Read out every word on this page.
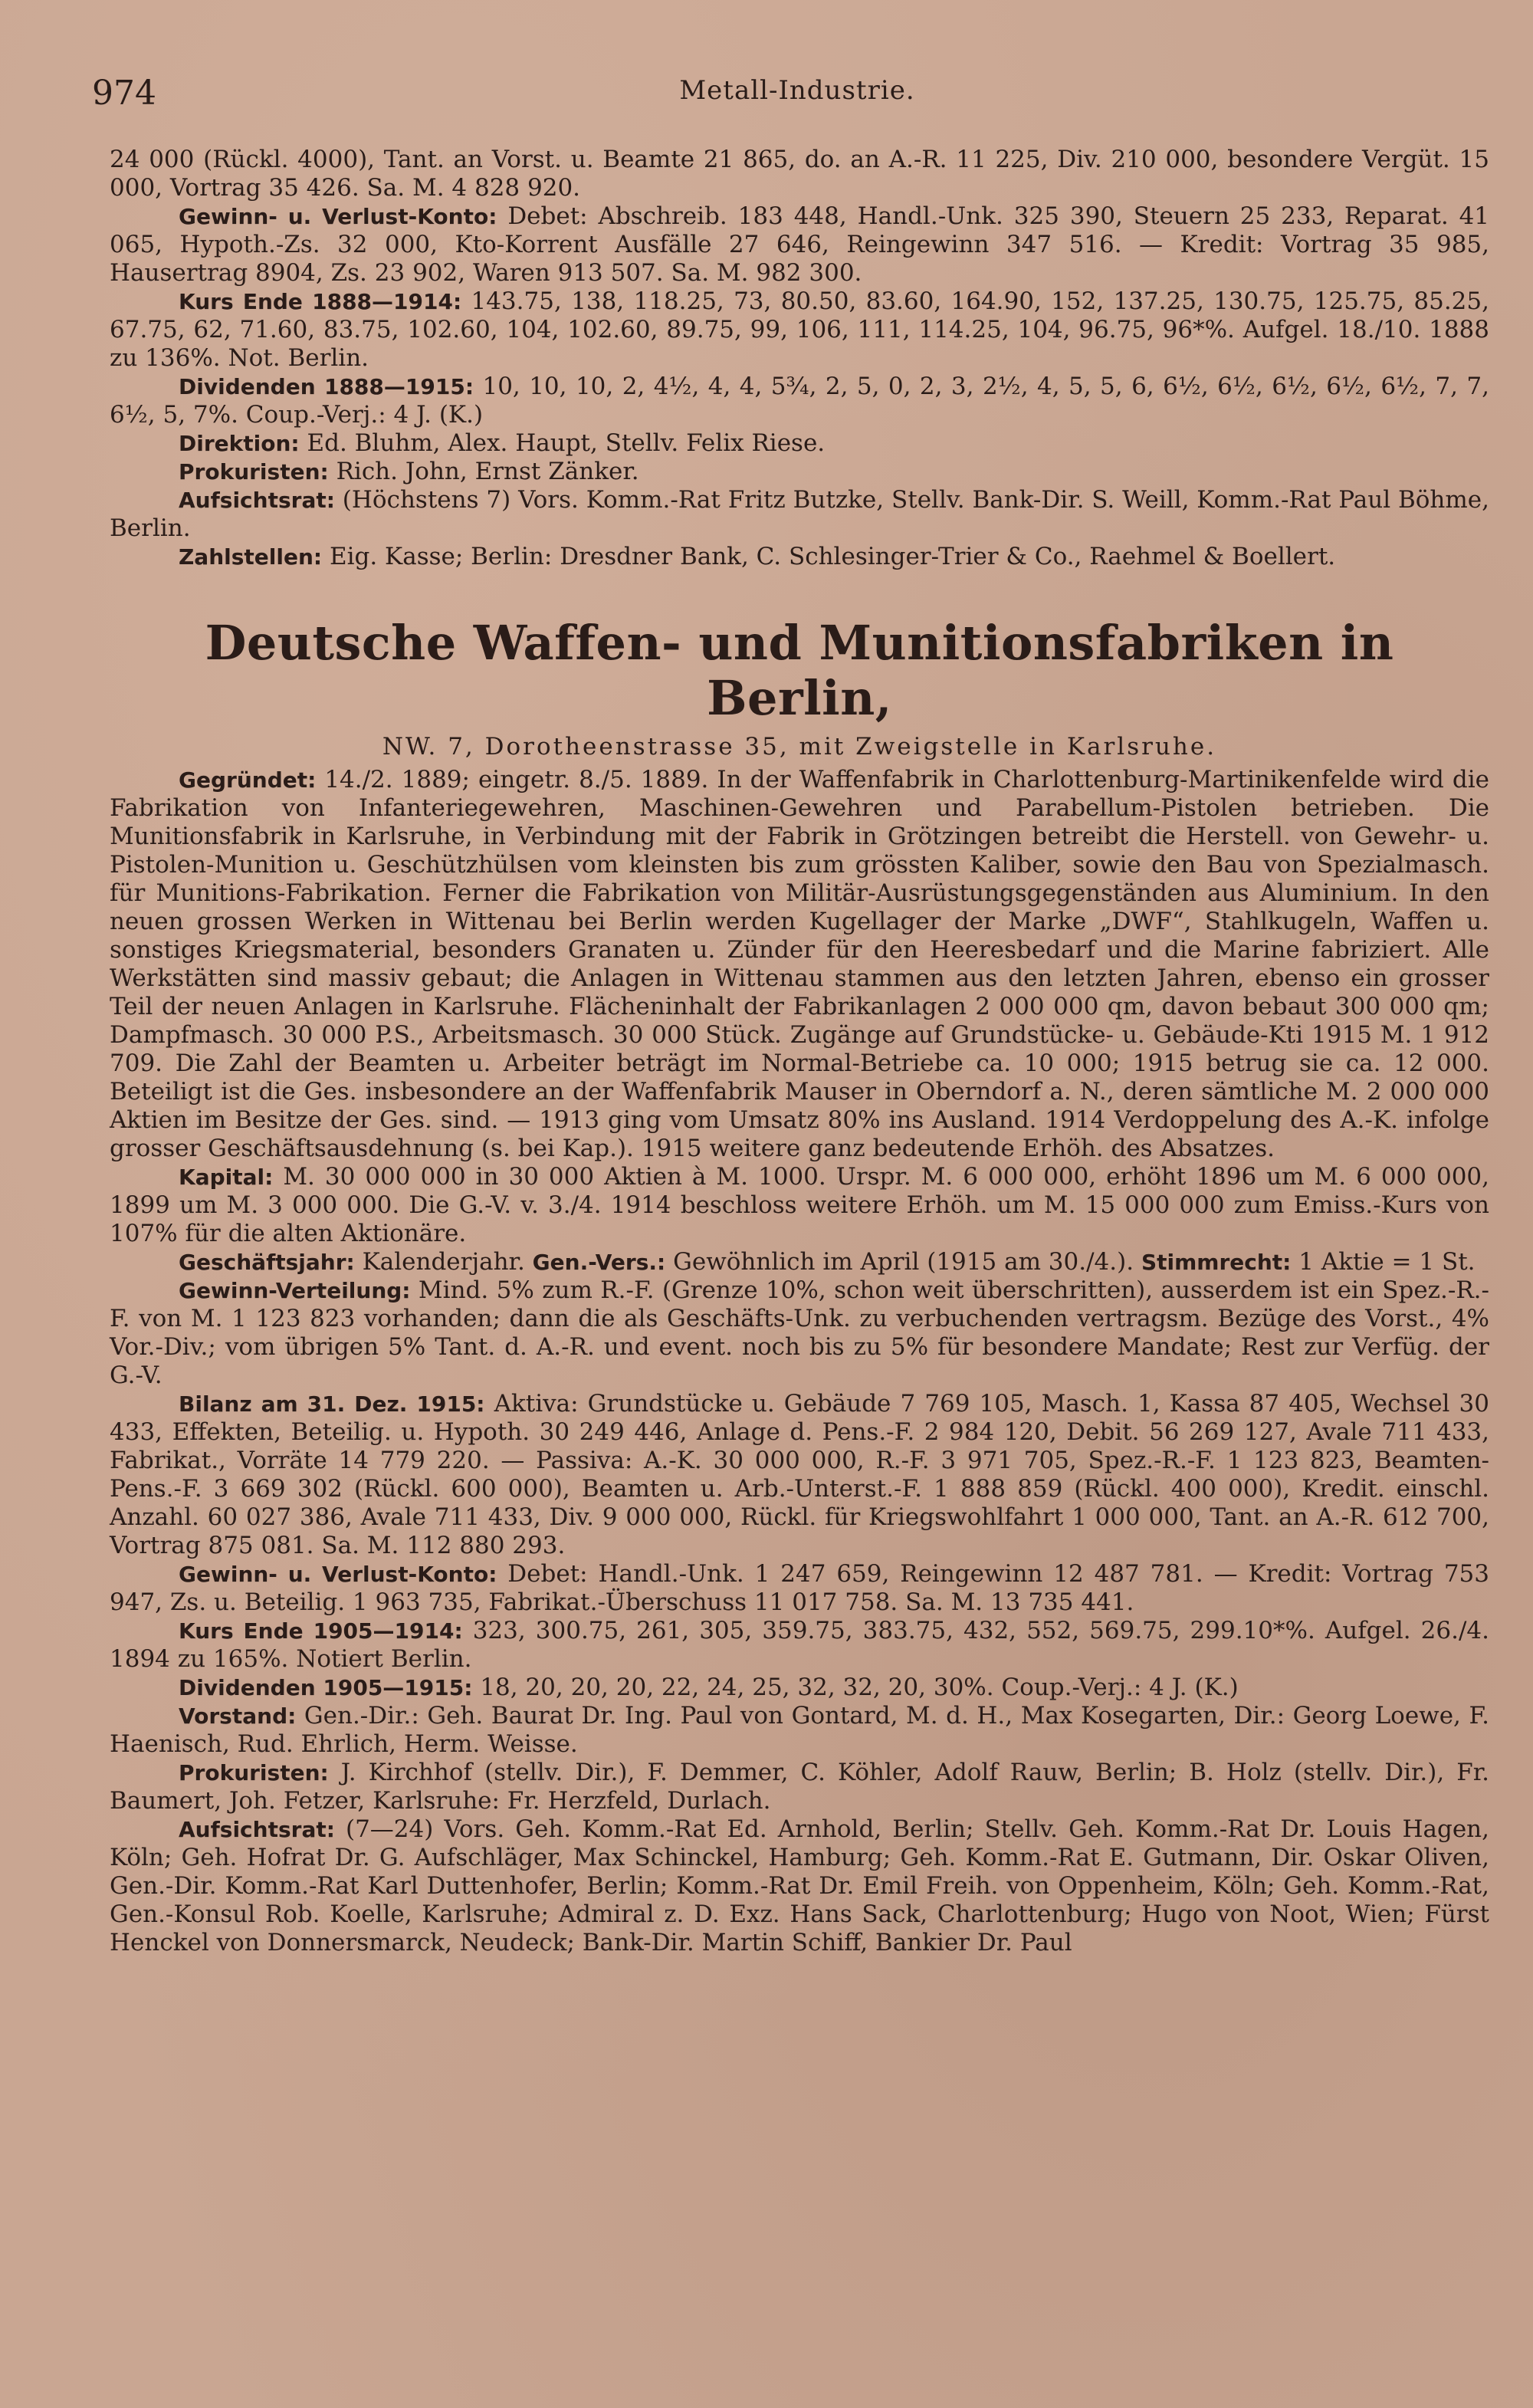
974	Metall-Industrie.

24 000 (Rückl. 4000), Tant. an Vorst. u. Beamte 21 865, do. an A.-R. 11 225, Div. 210 000, besondere Vergüt. 15 000, Vortrag 35 426. Sa. M. 4 828 920.

Gewinn- u. Verlust-Konto: Debet: Abschreib. 183 448, Handl.-Unk. 325 390, Steuern 25 233, Reparat. 41 065, Hypoth.-Zs. 32 000, Kto-Korrent Ausfälle 27 646, Reingewinn 347 516. — Kredit: Vortrag 35 985, Hausertrag 8904, Zs. 23 902, Waren 913 507. Sa. M. 982 300.

Kurs Ende 1888—1914: 143.75, 138, 118.25, 73, 80.50, 83.60, 164.90, 152, 137.25, 130.75, 125.75, 85.25, 67.75, 62, 71.60, 83.75, 102.60, 104, 102.60, 89.75, 99, 106, 111, 114.25, 104, 96.75, 96*%. Aufgel. 18./10. 1888 zu 136%. Not. Berlin.

Dividenden 1888—1915: 10, 10, 10, 2, 4½, 4, 4, 5¾, 2, 5, 0, 2, 3, 2½, 4, 5, 5, 6, 6½, 6½, 6½, 6½, 6½, 7, 7, 6½, 5, 7%. Coup.-Verj.: 4 J. (K.)

Direktion: Ed. Bluhm, Alex. Haupt, Stellv. Felix Riese.

Prokuristen: Rich. John, Ernst Zänker.

Aufsichtsrat: (Höchstens 7) Vors. Komm.-Rat Fritz Butzke, Stellv. Bank-Dir. S. Weill, Komm.-Rat Paul Böhme, Berlin.

Zahlstellen: Eig. Kasse; Berlin: Dresdner Bank, C. Schlesinger-Trier & Co., Raehmel & Boellert.

Deutsche Waffen- und Munitionsfabriken in Berlin,
NW. 7, Dorotheenstrasse 35, mit Zweigstelle in Karlsruhe.

Gegründet: 14./2. 1889; eingetr. 8./5. 1889. In der Waffenfabrik in Charlottenburg-Martinikenfelde wird die Fabrikation von Infanteriegewehren, Maschinen-Gewehren und Parabellum-Pistolen betrieben. Die Munitionsfabrik in Karlsruhe, in Verbindung mit der Fabrik in Grötzingen betreibt die Herstell. von Gewehr- u. Pistolen-Munition u. Geschützhülsen vom kleinsten bis zum grössten Kaliber, sowie den Bau von Spezialmasch. für Munitions-Fabrikation. Ferner die Fabrikation von Militär-Ausrüstungsgegenständen aus Aluminium. In den neuen grossen Werken in Wittenau bei Berlin werden Kugellager der Marke „DWF“, Stahlkugeln, Waffen u. sonstiges Kriegsmaterial, besonders Granaten u. Zünder für den Heeresbedarf und die Marine fabriziert. Alle Werkstätten sind massiv gebaut; die Anlagen in Wittenau stammen aus den letzten Jahren, ebenso ein grosser Teil der neuen Anlagen in Karlsruhe. Flächeninhalt der Fabrikanlagen 2 000 000 qm, davon bebaut 300 000 qm; Dampfmasch. 30 000 P.S., Arbeitsmasch. 30 000 Stück. Zugänge auf Grundstücke- u. Gebäude-Kti 1915 M. 1 912 709. Die Zahl der Beamten u. Arbeiter beträgt im Normal-Betriebe ca. 10 000; 1915 betrug sie ca. 12 000. Beteiligt ist die Ges. insbesondere an der Waffenfabrik Mauser in Oberndorf a. N., deren sämtliche M. 2 000 000 Aktien im Besitze der Ges. sind. — 1913 ging vom Umsatz 80% ins Ausland. 1914 Verdoppelung des A.-K. infolge grosser Geschäftsausdehnung (s. bei Kap.). 1915 weitere ganz bedeutende Erhöh. des Absatzes.

Kapital: M. 30 000 000 in 30 000 Aktien à M. 1000. Urspr. M. 6 000 000, erhöht 1896 um M. 6 000 000, 1899 um M. 3 000 000. Die G.-V. v. 3./4. 1914 beschloss weitere Erhöh. um M. 15 000 000 zum Emiss.-Kurs von 107% für die alten Aktionäre.

Geschäftsjahr: Kalenderjahr. Gen.-Vers.: Gewöhnlich im April (1915 am 30./4.). Stimmrecht: 1 Aktie = 1 St.

Gewinn-Verteilung: Mind. 5% zum R.-F. (Grenze 10%, schon weit überschritten), ausserdem ist ein Spez.-R.-F. von M. 1 123 823 vorhanden; dann die als Geschäfts-Unk. zu verbuchenden vertragsm. Bezüge des Vorst., 4% Vor.-Div.; vom übrigen 5% Tant. d. A.-R. und event. noch bis zu 5% für besondere Mandate; Rest zur Verfüg. der G.-V.

Bilanz am 31. Dez. 1915: Aktiva: Grundstücke u. Gebäude 7 769 105, Masch. 1, Kassa 87 405, Wechsel 30 433, Effekten, Beteilig. u. Hypoth. 30 249 446, Anlage d. Pens.-F. 2 984 120, Debit. 56 269 127, Avale 711 433, Fabrikat., Vorräte 14 779 220. — Passiva: A.-K. 30 000 000, R.-F. 3 971 705, Spez.-R.-F. 1 123 823, Beamten-Pens.-F. 3 669 302 (Rückl. 600 000), Beamten u. Arb.-Unterst.-F. 1 888 859 (Rückl. 400 000), Kredit. einschl. Anzahl. 60 027 386, Avale 711 433, Div. 9 000 000, Rückl. für Kriegswohlfahrt 1 000 000, Tant. an A.-R. 612 700, Vortrag 875 081. Sa. M. 112 880 293.

Gewinn- u. Verlust-Konto: Debet: Handl.-Unk. 1 247 659, Reingewinn 12 487 781. — Kredit: Vortrag 753 947, Zs. u. Beteilig. 1 963 735, Fabrikat.-Überschuss 11 017 758. Sa. M. 13 735 441.

Kurs Ende 1905—1914: 323, 300.75, 261, 305, 359.75, 383.75, 432, 552, 569.75, 299.10*%. Aufgel. 26./4. 1894 zu 165%. Notiert Berlin.

Dividenden 1905—1915: 18, 20, 20, 20, 22, 24, 25, 32, 32, 20, 30%. Coup.-Verj.: 4 J. (K.)

Vorstand: Gen.-Dir.: Geh. Baurat Dr. Ing. Paul von Gontard, M. d. H., Max Kosegarten, Dir.: Georg Loewe, F. Haenisch, Rud. Ehrlich, Herm. Weisse.

Prokuristen: J. Kirchhof (stellv. Dir.), F. Demmer, C. Köhler, Adolf Rauw, Berlin; B. Holz (stellv. Dir.), Fr. Baumert, Joh. Fetzer, Karlsruhe: Fr. Herzfeld, Durlach.

Aufsichtsrat: (7—24) Vors. Geh. Komm.-Rat Ed. Arnhold, Berlin; Stellv. Geh. Komm.-Rat Dr. Louis Hagen, Köln; Geh. Hofrat Dr. G. Aufschläger, Max Schinckel, Hamburg; Geh. Komm.-Rat E. Gutmann, Dir. Oskar Oliven, Gen.-Dir. Komm.-Rat Karl Duttenhofer, Berlin; Komm.-Rat Dr. Emil Freih. von Oppenheim, Köln; Geh. Komm.-Rat, Gen.-Konsul Rob. Koelle, Karlsruhe; Admiral z. D. Exz. Hans Sack, Charlottenburg; Hugo von Noot, Wien; Fürst Henckel von Donnersmarck, Neudeck; Bank-Dir. Martin Schiff, Bankier Dr. Paul
